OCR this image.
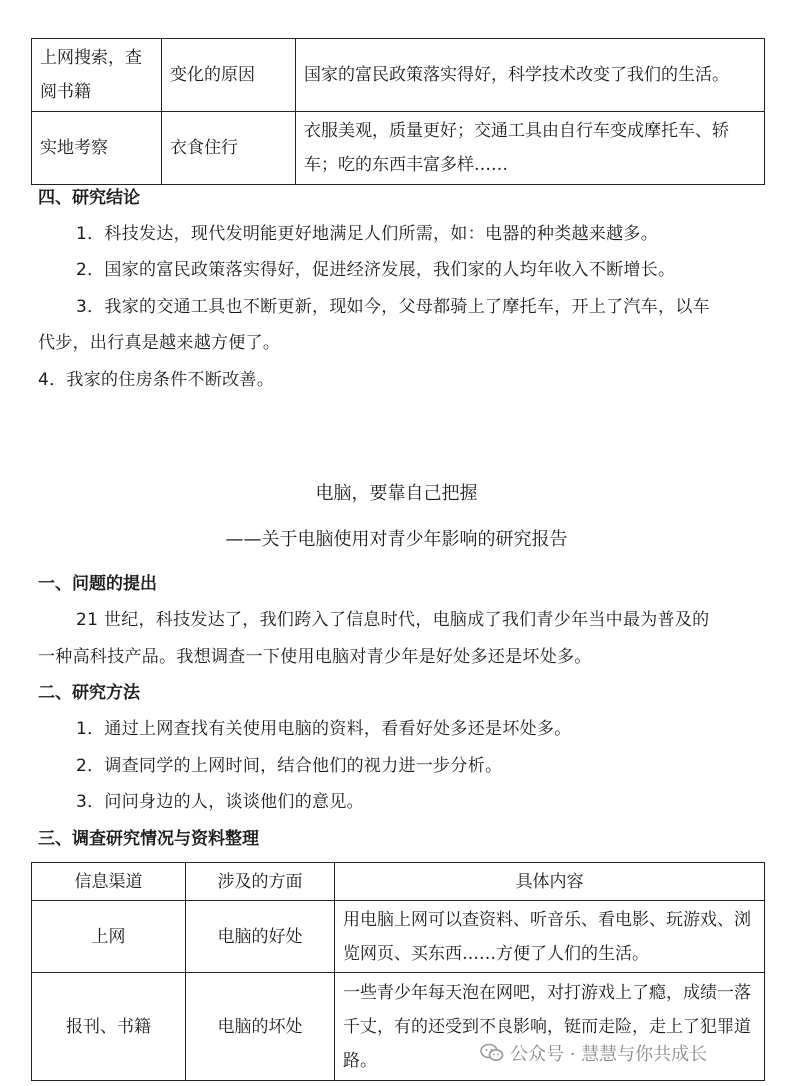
上网搜索，查阅书籍	变化的原因	国家的富民政策落实得好，科学技术改变了我们的生活。
实地考察	衣食住行	衣服美观，质量更好；交通工具由自行车变成摩托车、轿车；吃的东西丰富多样……
四、研究结论
1．科技发达，现代发明能更好地满足人们所需，如：电器的种类越来越多。
2．国家的富民政策落实得好，促进经济发展，我们家的人均年收入不断增长。
3．我家的交通工具也不断更新，现如今，父母都骑上了摩托车，开上了汽车，以车
代步，出行真是越来越方便了。
4．我家的住房条件不断改善。
电脑，要靠自己把握
——关于电脑使用对青少年影响的研究报告
一、问题的提出
21 世纪，科技发达了，我们跨入了信息时代，电脑成了我们青少年当中最为普及的
一种高科技产品。我想调查一下使用电脑对青少年是好处多还是坏处多。
二、研究方法
1．通过上网查找有关使用电脑的资料，看看好处多还是坏处多。
2．调查同学的上网时间，结合他们的视力进一步分析。
3．问问身边的人，谈谈他们的意见。
三、调查研究情况与资料整理
信息渠道	涉及的方面	具体内容
上网	电脑的好处	用电脑上网可以查资料、听音乐、看电影、玩游戏、浏览网页、买东西……方便了人们的生活。
报刊、书籍	电脑的坏处	一些青少年每天泡在网吧，对打游戏上了瘾，成绩一落千丈，有的还受到不良影响，铤而走险，走上了犯罪道路。	公众号 · 慧慧与你共成长
